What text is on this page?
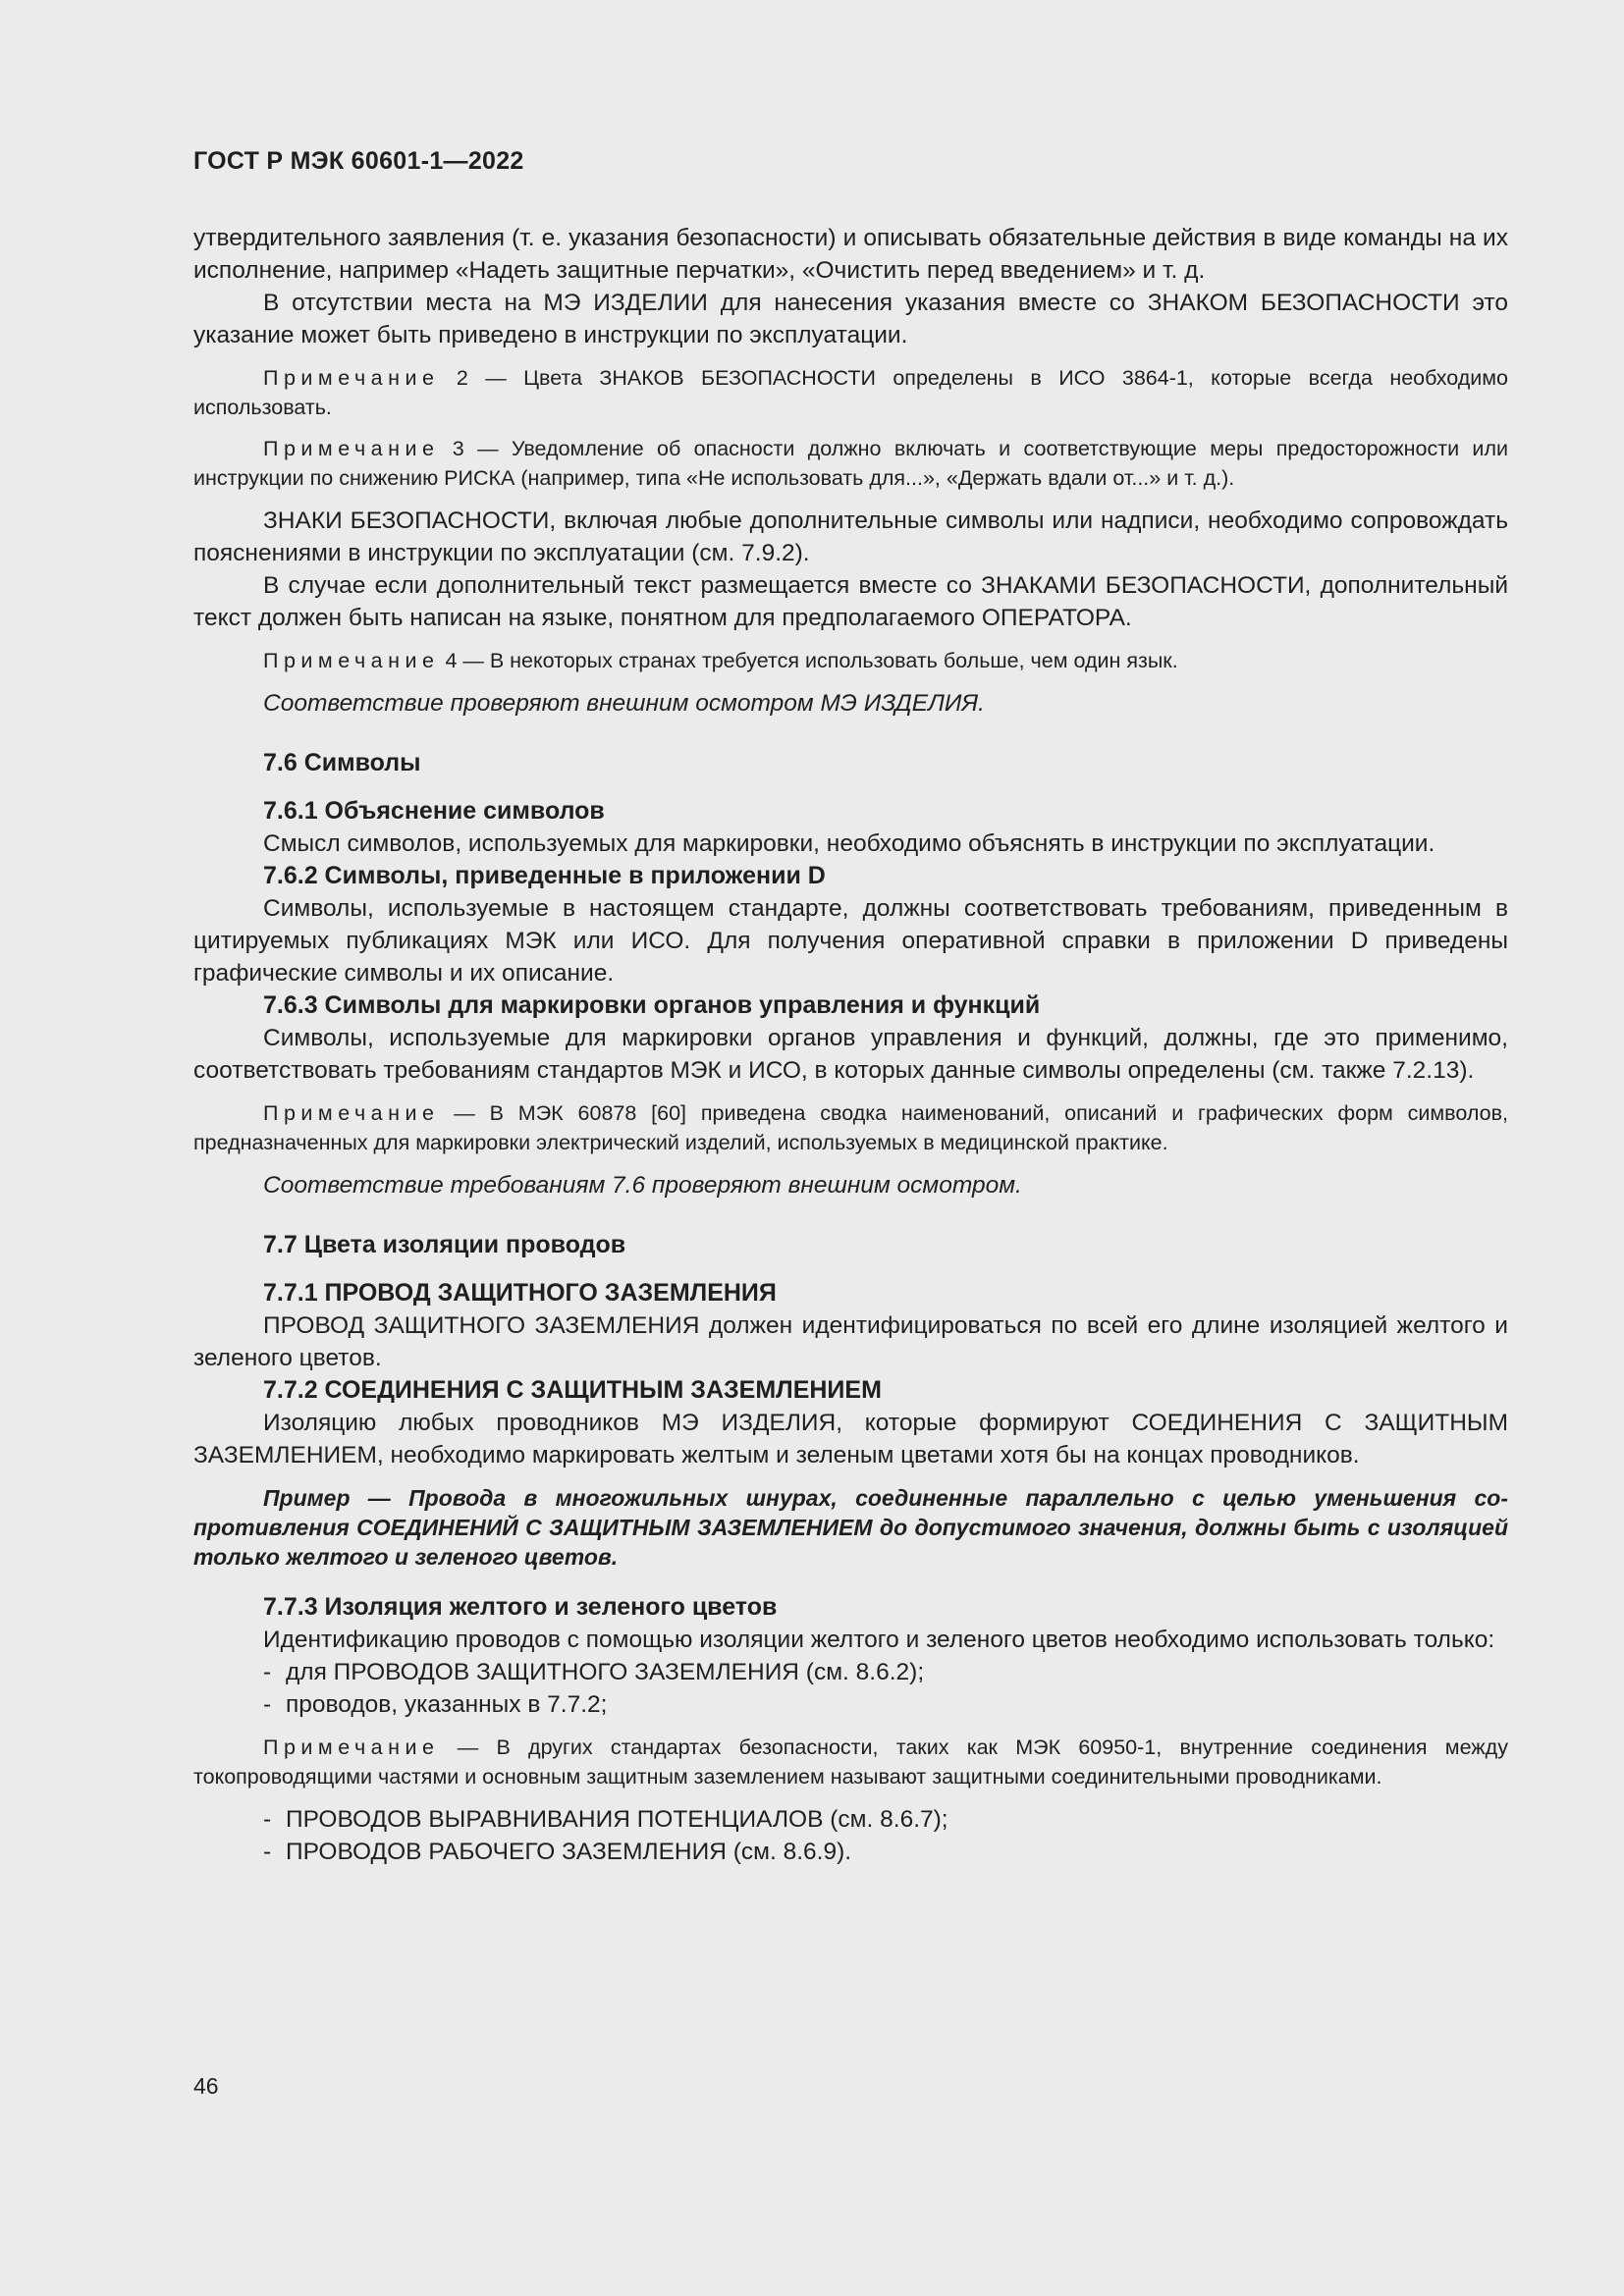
ГОСТ Р МЭК 60601-1—2022

утвердительного заявления (т. е. указания безопасности) и описывать обязательные действия в виде команды на их исполнение, например «Надеть защитные перчатки», «Очистить перед введением» и т. д.

В отсутствии места на МЭ ИЗДЕЛИИ для нанесения указания вместе со ЗНАКОМ БЕЗОПАСНОСТИ это указание может быть приведено в инструкции по эксплуатации.

Примечание 2 — Цвета ЗНАКОВ БЕЗОПАСНОСТИ определены в ИСО 3864-1, которые всегда необходимо использовать.

Примечание 3 — Уведомление об опасности должно включать и соответствующие меры предосторожности или инструкции по снижению РИСКА (например, типа «Не использовать для...», «Держать вдали от...» и т. д.).

ЗНАКИ БЕЗОПАСНОСТИ, включая любые дополнительные символы или надписи, необходимо сопровождать пояснениями в инструкции по эксплуатации (см. 7.9.2).

В случае если дополнительный текст размещается вместе со ЗНАКАМИ БЕЗОПАСНОСТИ, дополнительный текст должен быть написан на языке, понятном для предполагаемого ОПЕРАТОРА.

Примечание 4 — В некоторых странах требуется использовать больше, чем один язык.

Соответствие проверяют внешним осмотром МЭ ИЗДЕЛИЯ.

7.6 Символы
7.6.1 Объяснение символов

Смысл символов, используемых для маркировки, необходимо объяснять в инструкции по эксплуатации.

7.6.2 Символы, приведенные в приложении D

Символы, используемые в настоящем стандарте, должны соответствовать требованиям, приведенным в цитируемых публикациях МЭК или ИСО. Для получения оперативной справки в приложении D приведены графические символы и их описание.

7.6.3 Символы для маркировки органов управления и функций

Символы, используемые для маркировки органов управления и функций, должны, где это применимо, соответствовать требованиям стандартов МЭК и ИСО, в которых данные символы определены (см. также 7.2.13).

Примечание — В МЭК 60878 [60] приведена сводка наименований, описаний и графических форм символов, предназначенных для маркировки электрический изделий, используемых в медицинской практике.

Соответствие требованиям 7.6 проверяют внешним осмотром.

7.7 Цвета изоляции проводов
7.7.1 ПРОВОД ЗАЩИТНОГО ЗАЗЕМЛЕНИЯ

ПРОВОД ЗАЩИТНОГО ЗАЗЕМЛЕНИЯ должен идентифицироваться по всей его длине изоляцией желтого и зеленого цветов.

7.7.2 СОЕДИНЕНИЯ С ЗАЩИТНЫМ ЗАЗЕМЛЕНИЕМ

Изоляцию любых проводников МЭ ИЗДЕЛИЯ, которые формируют СОЕДИНЕНИЯ С ЗАЩИТНЫМ ЗАЗЕМЛЕНИЕМ, необходимо маркировать желтым и зеленым цветами хотя бы на концах проводников.

Пример — Провода в многожильных шнурах, соединенные параллельно с целью уменьшения сопротивления СОЕДИНЕНИЙ С ЗАЩИТНЫМ ЗАЗЕМЛЕНИЕМ до допустимого значения, должны быть с изоляцией только желтого и зеленого цветов.

7.7.3 Изоляция желтого и зеленого цветов

Идентификацию проводов с помощью изоляции желтого и зеленого цветов необходимо использовать только:

- для ПРОВОДОВ ЗАЩИТНОГО ЗАЗЕМЛЕНИЯ (см. 8.6.2);
- проводов, указанных в 7.7.2;

Примечание — В других стандартах безопасности, таких как МЭК 60950-1, внутренние соединения между токопроводящими частями и основным защитным заземлением называют защитными соединительными проводниками.

- ПРОВОДОВ ВЫРАВНИВАНИЯ ПОТЕНЦИАЛОВ (см. 8.6.7);
- ПРОВОДОВ РАБОЧЕГО ЗАЗЕМЛЕНИЯ (см. 8.6.9).
46
